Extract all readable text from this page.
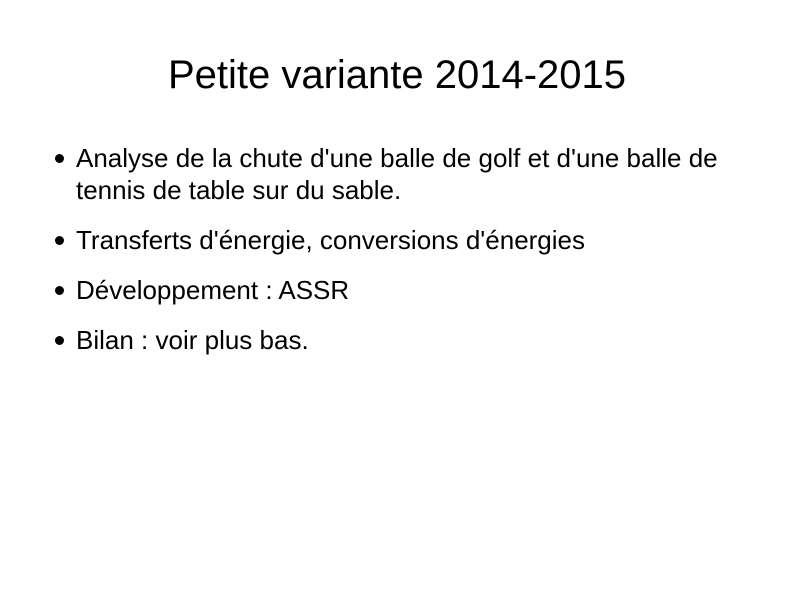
Petite variante 2014-2015
Analyse de la chute d'une balle de golf et d'une balle de tennis de table sur du sable.
Transferts d'énergie, conversions d'énergies
Développement : ASSR
Bilan : voir plus bas.
